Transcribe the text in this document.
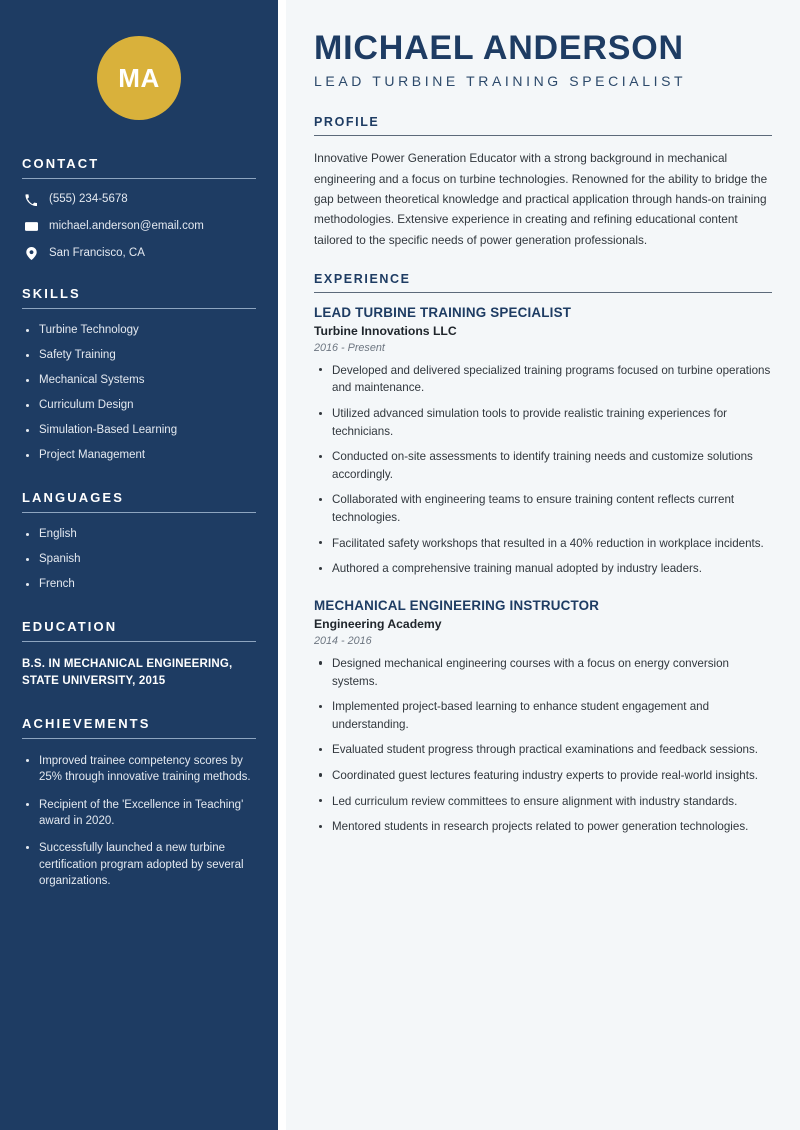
MA
CONTACT
(555) 234-5678
michael.anderson@email.com
San Francisco, CA
SKILLS
Turbine Technology
Safety Training
Mechanical Systems
Curriculum Design
Simulation-Based Learning
Project Management
LANGUAGES
English
Spanish
French
EDUCATION
B.S. IN MECHANICAL ENGINEERING, STATE UNIVERSITY, 2015
ACHIEVEMENTS
Improved trainee competency scores by 25% through innovative training methods.
Recipient of the 'Excellence in Teaching' award in 2020.
Successfully launched a new turbine certification program adopted by several organizations.
MICHAEL ANDERSON
LEAD TURBINE TRAINING SPECIALIST
PROFILE

Innovative Power Generation Educator with a strong background in mechanical engineering and a focus on turbine technologies. Renowned for the ability to bridge the gap between theoretical knowledge and practical application through hands-on training methodologies. Extensive experience in creating and refining educational content tailored to the specific needs of power generation professionals.

EXPERIENCE
LEAD TURBINE TRAINING SPECIALIST
Turbine Innovations LLC
2016 - Present
Developed and delivered specialized training programs focused on turbine operations and maintenance.
Utilized advanced simulation tools to provide realistic training experiences for technicians.
Conducted on-site assessments to identify training needs and customize solutions accordingly.
Collaborated with engineering teams to ensure training content reflects current technologies.
Facilitated safety workshops that resulted in a 40% reduction in workplace incidents.
Authored a comprehensive training manual adopted by industry leaders.
MECHANICAL ENGINEERING INSTRUCTOR
Engineering Academy
2014 - 2016
Designed mechanical engineering courses with a focus on energy conversion systems.
Implemented project-based learning to enhance student engagement and understanding.
Evaluated student progress through practical examinations and feedback sessions.
Coordinated guest lectures featuring industry experts to provide real-world insights.
Led curriculum review committees to ensure alignment with industry standards.
Mentored students in research projects related to power generation technologies.
